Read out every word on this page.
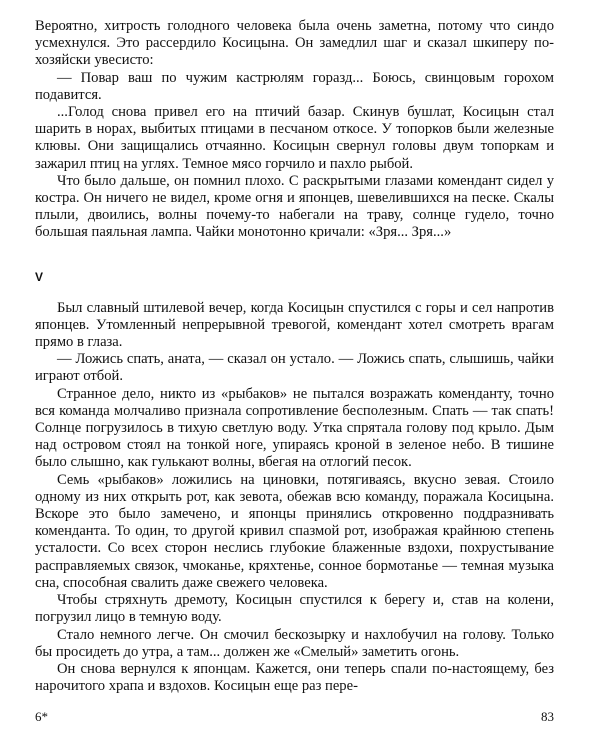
Вероятно, хитрость голодного человека была очень заметна, потому что синдо усмехнулся. Это рассердило Косицына. Он замедлил шаг и сказал шкиперу по-хозяйски увесисто:

— Повар ваш по чужим кастрюлям горазд... Боюсь, свинцовым горохом подавится.

...Голод снова привел его на птичий базар. Скинув бушлат, Косицын стал шарить в норах, выбитых птицами в песчаном откосе. У топорков были железные клювы. Они защищались отчаянно. Косицын свернул головы двум топоркам и зажарил птиц на углях. Темное мясо горчило и пахло рыбой.

Что было дальше, он помнил плохо. С раскрытыми глазами комендант сидел у костра. Он ничего не видел, кроме огня и японцев, шевелившихся на песке. Скалы плыли, двоились, волны почему-то набегали на траву, солнце гудело, точно большая паяльная лампа. Чайки монотонно кричали: «Зря... Зря...»

V

Был славный штилевой вечер, когда Косицын спустился с горы и сел напротив японцев. Утомленный непрерывной тревогой, комендант хотел смотреть врагам прямо в глаза.

— Ложись спать, аната, — сказал он устало. — Ложись спать, слышишь, чайки играют отбой.

Странное дело, никто из «рыбаков» не пытался возражать коменданту, точно вся команда молчаливо признала сопротивление бесполезным. Спать — так спать! Солнце погрузилось в тихую светлую воду. Утка спрятала голову под крыло. Дым над островом стоял на тонкой ноге, упираясь кроной в зеленое небо. В тишине было слышно, как гулькают волны, вбегая на отлогий песок.

Семь «рыбаков» ложились на циновки, потягиваясь, вкусно зевая. Стоило одному из них открыть рот, как зевота, обежав всю команду, поражала Косицына. Вскоре это было замечено, и японцы принялись откровенно поддразнивать коменданта. То один, то другой кривил спазмой рот, изображая крайнюю степень усталости. Со всех сторон неслись глубокие блаженные вздохи, похрустывание расправляемых связок, чмоканье, кряхтенье, сонное бормотанье — темная музыка сна, способная свалить даже свежего человека.

Чтобы стряхнуть дремоту, Косицын спустился к берегу и, став на колени, погрузил лицо в темную воду.

Стало немного легче. Он смочил бескозырку и нахлобучил на голову. Только бы просидеть до утра, а там... должен же «Смелый» заметить огонь.

Он снова вернулся к японцам. Кажется, они теперь спали по-настоящему, без нарочитого храпа и вздохов. Косицын еще раз пере-

6*	83
